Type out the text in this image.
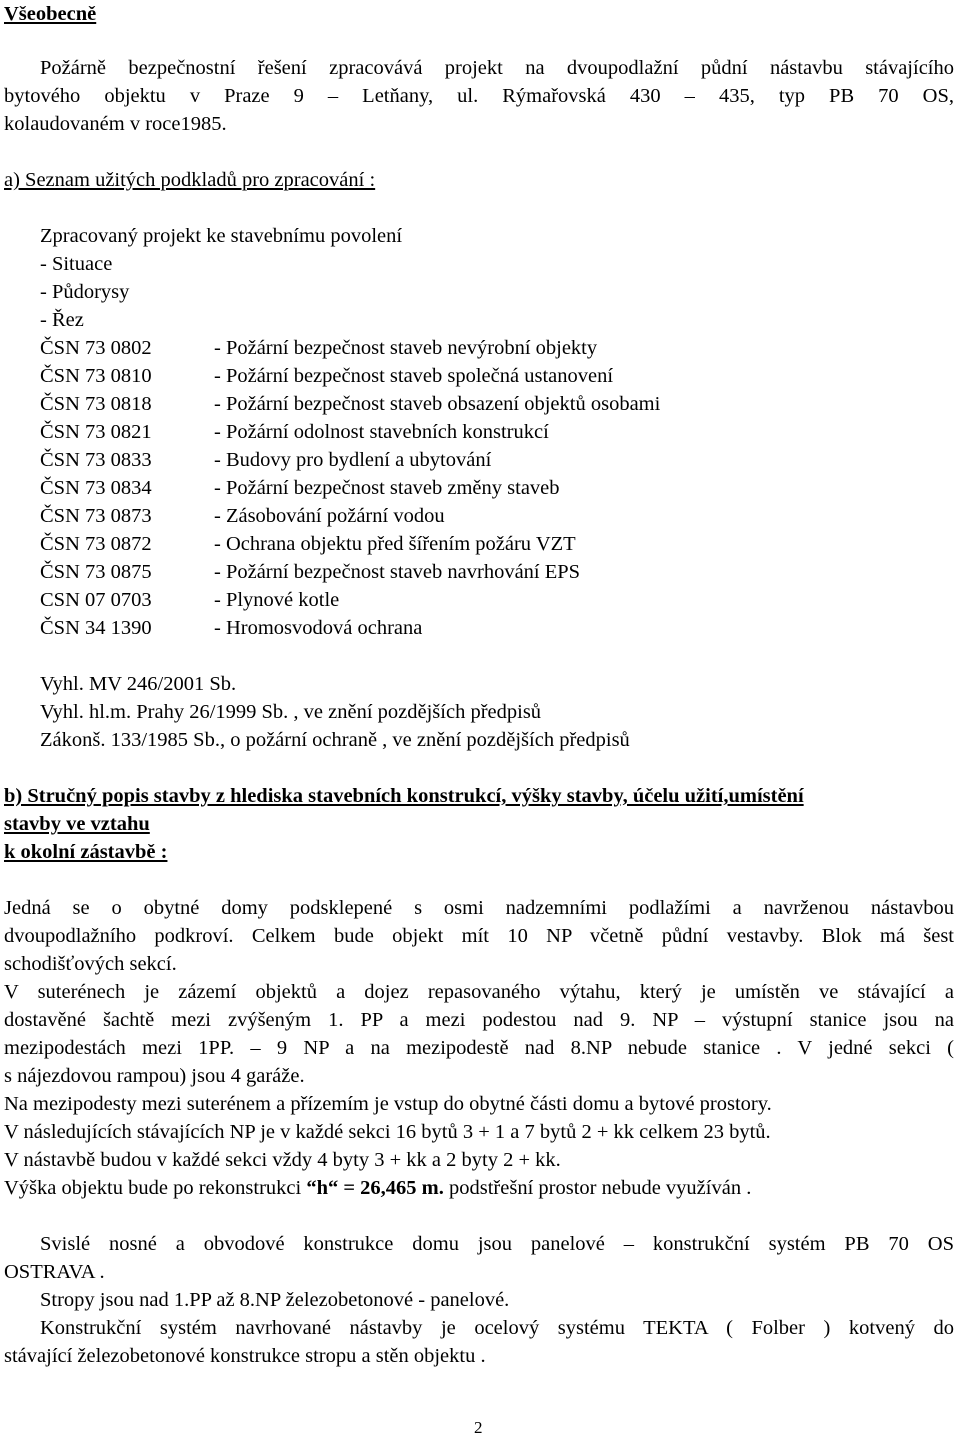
Všeobecně
Požárně bezpečnostní řešení zpracovává projekt na dvoupodlažní půdní nástavbu stávajícího
bytového objektu v Praze 9 – Letňany, ul. Rýmařovská 430 – 435, typ PB 70 OS,
kolaudovaném v roce1985.
a) Seznam užitých podkladů pro zpracování :
Zpracovaný projekt ke stavebnímu povolení
- Situace
- Půdorysy
- Řez
ČSN 73 0802	- Požární bezpečnost staveb nevýrobní objekty
ČSN 73 0810	- Požární bezpečnost staveb společná ustanovení
ČSN 73 0818	- Požární bezpečnost staveb obsazení objektů osobami
ČSN 73 0821	- Požární odolnost stavebních konstrukcí
ČSN 73 0833	- Budovy pro bydlení a ubytování
ČSN 73 0834	- Požární bezpečnost staveb změny staveb
ČSN 73 0873	- Zásobování požární vodou
ČSN 73 0872	- Ochrana objektu před šířením požáru VZT
ČSN 73 0875	- Požární bezpečnost staveb navrhování EPS
CSN 07 0703	- Plynové kotle
ČSN 34 1390	- Hromosvodová ochrana
Vyhl. MV 246/2001 Sb.
Vyhl. hl.m. Prahy 26/1999 Sb. , ve znění pozdějších předpisů
Zákonš. 133/1985 Sb., o požární ochraně , ve znění pozdějších předpisů
b) Stručný popis stavby z hlediska stavebních konstrukcí, výšky stavby, účelu užití,umístění
stavby ve vztahu
k okolní zástavbě :
Jedná se o obytné domy podsklepené s osmi nadzemními podlažími a navrženou nástavbou
dvoupodlažního podkroví. Celkem bude objekt mít 10 NP včetně půdní vestavby. Blok má šest
schodišťových sekcí.
V suterénech je zázemí objektů a dojez repasovaného výtahu, který je umístěn ve stávající a
dostavěné šachtě mezi zvýšeným 1. PP a mezi podestou nad 9. NP – výstupní stanice jsou na
mezipodestách mezi 1PP. – 9 NP a na mezipodestě nad 8.NP nebude stanice . V jedné sekci (
s nájezdovou rampou) jsou 4 garáže.
Na mezipodesty mezi suterénem a přízemím je vstup do obytné části domu a bytové prostory.
V následujících stávajících NP je v každé sekci 16 bytů 3 + 1 a 7 bytů 2 + kk celkem 23 bytů.
V nástavbě budou v každé sekci vždy 4 byty 3 + kk a 2 byty 2 + kk.
Výška objektu bude po rekonstrukci “h“ = 26,465 m. podstřešní prostor nebude využíván .
Svislé nosné a obvodové konstrukce domu jsou panelové – konstrukční systém PB 70 OS
OSTRAVA .
Stropy jsou nad 1.PP až 8.NP železobetonové - panelové.
Konstrukční systém navrhované nástavby je ocelový systému TEKTA ( Folber ) kotvený do
stávající železobetonové konstrukce stropu a stěn objektu .
2
